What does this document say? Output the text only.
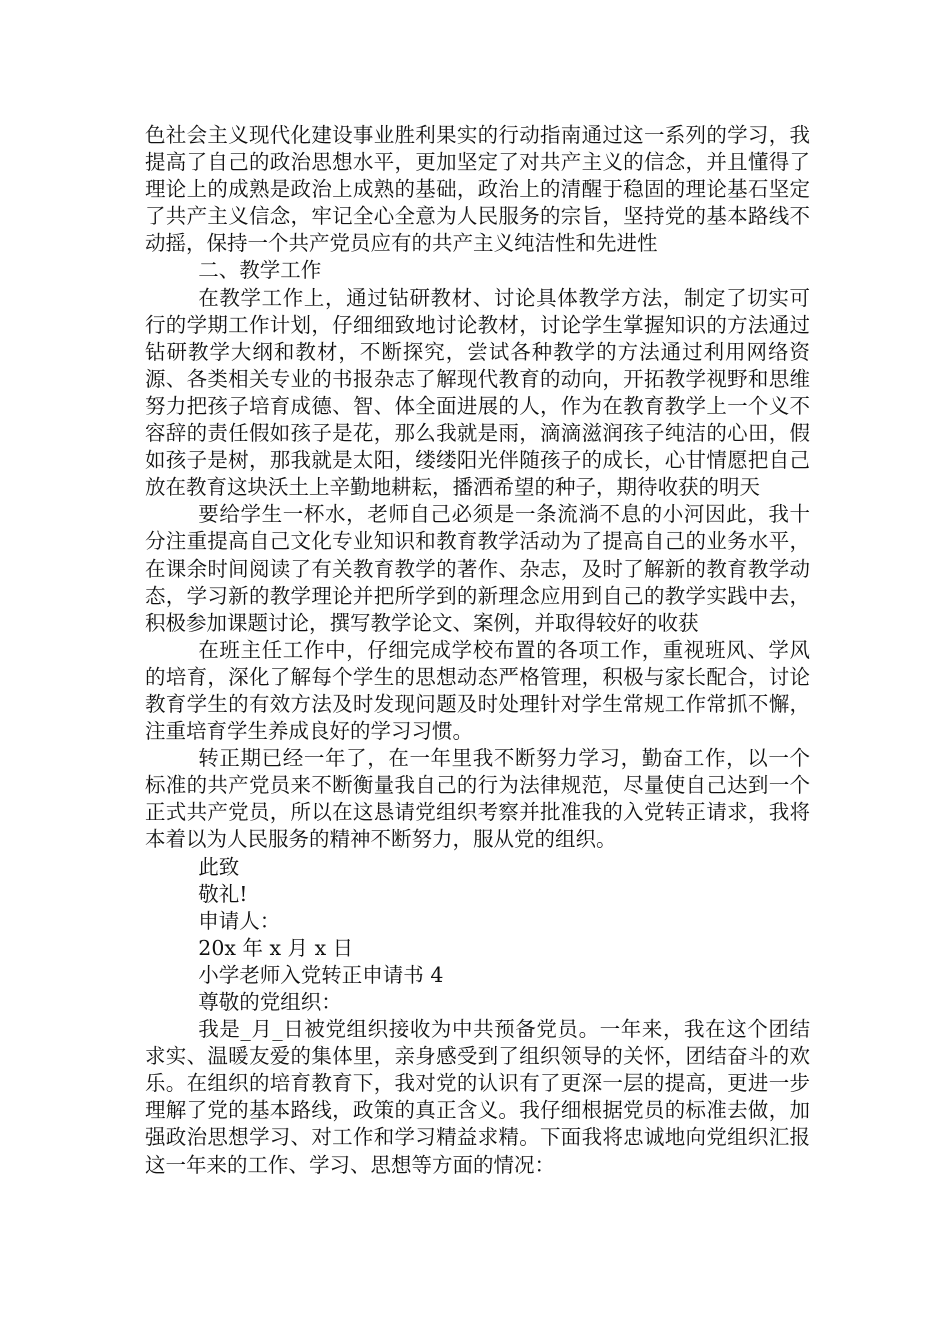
色社会主义现代化建设事业胜利果实的行动指南通过这一系列的学习，我提高了自己的政治思想水平，更加坚定了对共产主义的信念，并且懂得了理论上的成熟是政治上成熟的基础，政治上的清醒于稳固的理论基石坚定了共产主义信念，牢记全心全意为人民服务的宗旨，坚持党的基本路线不动摇，保持一个共产党员应有的共产主义纯洁性和先进性

二、教学工作

在教学工作上，通过钻研教材、讨论具体教学方法，制定了切实可行的学期工作计划，仔细细致地讨论教材，讨论学生掌握知识的方法通过钻研教学大纲和教材，不断探究，尝试各种教学的方法通过利用网络资源、各类相关专业的书报杂志了解现代教育的动向，开拓教学视野和思维努力把孩子培育成德、智、体全面进展的人，作为在教育教学上一个义不容辞的责任假如孩子是花，那么我就是雨，滴滴滋润孩子纯洁的心田，假如孩子是树，那我就是太阳，缕缕阳光伴随孩子的成长，心甘情愿把自己放在教育这块沃土上辛勤地耕耘，播洒希望的种子，期待收获的明天

要给学生一杯水，老师自己必须是一条流淌不息的小河因此，我十分注重提高自己文化专业知识和教育教学活动为了提高自己的业务水平，在课余时间阅读了有关教育教学的著作、杂志，及时了解新的教育教学动态，学习新的教学理论并把所学到的新理念应用到自己的教学实践中去，积极参加课题讨论，撰写教学论文、案例，并取得较好的收获

在班主任工作中，仔细完成学校布置的各项工作，重视班风、学风的培育，深化了解每个学生的思想动态严格管理，积极与家长配合，讨论教育学生的有效方法及时发现问题及时处理针对学生常规工作常抓不懈，注重培育学生养成良好的学习习惯。

转正期已经一年了，在一年里我不断努力学习，勤奋工作，以一个标准的共产党员来不断衡量我自己的行为法律规范，尽量使自己达到一个正式共产党员，所以在这恳请党组织考察并批准我的入党转正请求，我将本着以为人民服务的精神不断努力，服从党的组织。

此致

敬礼!

申请人：

20x 年 x 月 x 日

小学老师入党转正申请书 4

尊敬的党组织：

我是_月_日被党组织接收为中共预备党员。一年来，我在这个团结求实、温暖友爱的集体里，亲身感受到了组织领导的关怀，团结奋斗的欢乐。在组织的培育教育下，我对党的认识有了更深一层的提高，更进一步理解了党的基本路线，政策的真正含义。我仔细根据党员的标准去做，加强政治思想学习、对工作和学习精益求精。下面我将忠诚地向党组织汇报这一年来的工作、学习、思想等方面的情况：
